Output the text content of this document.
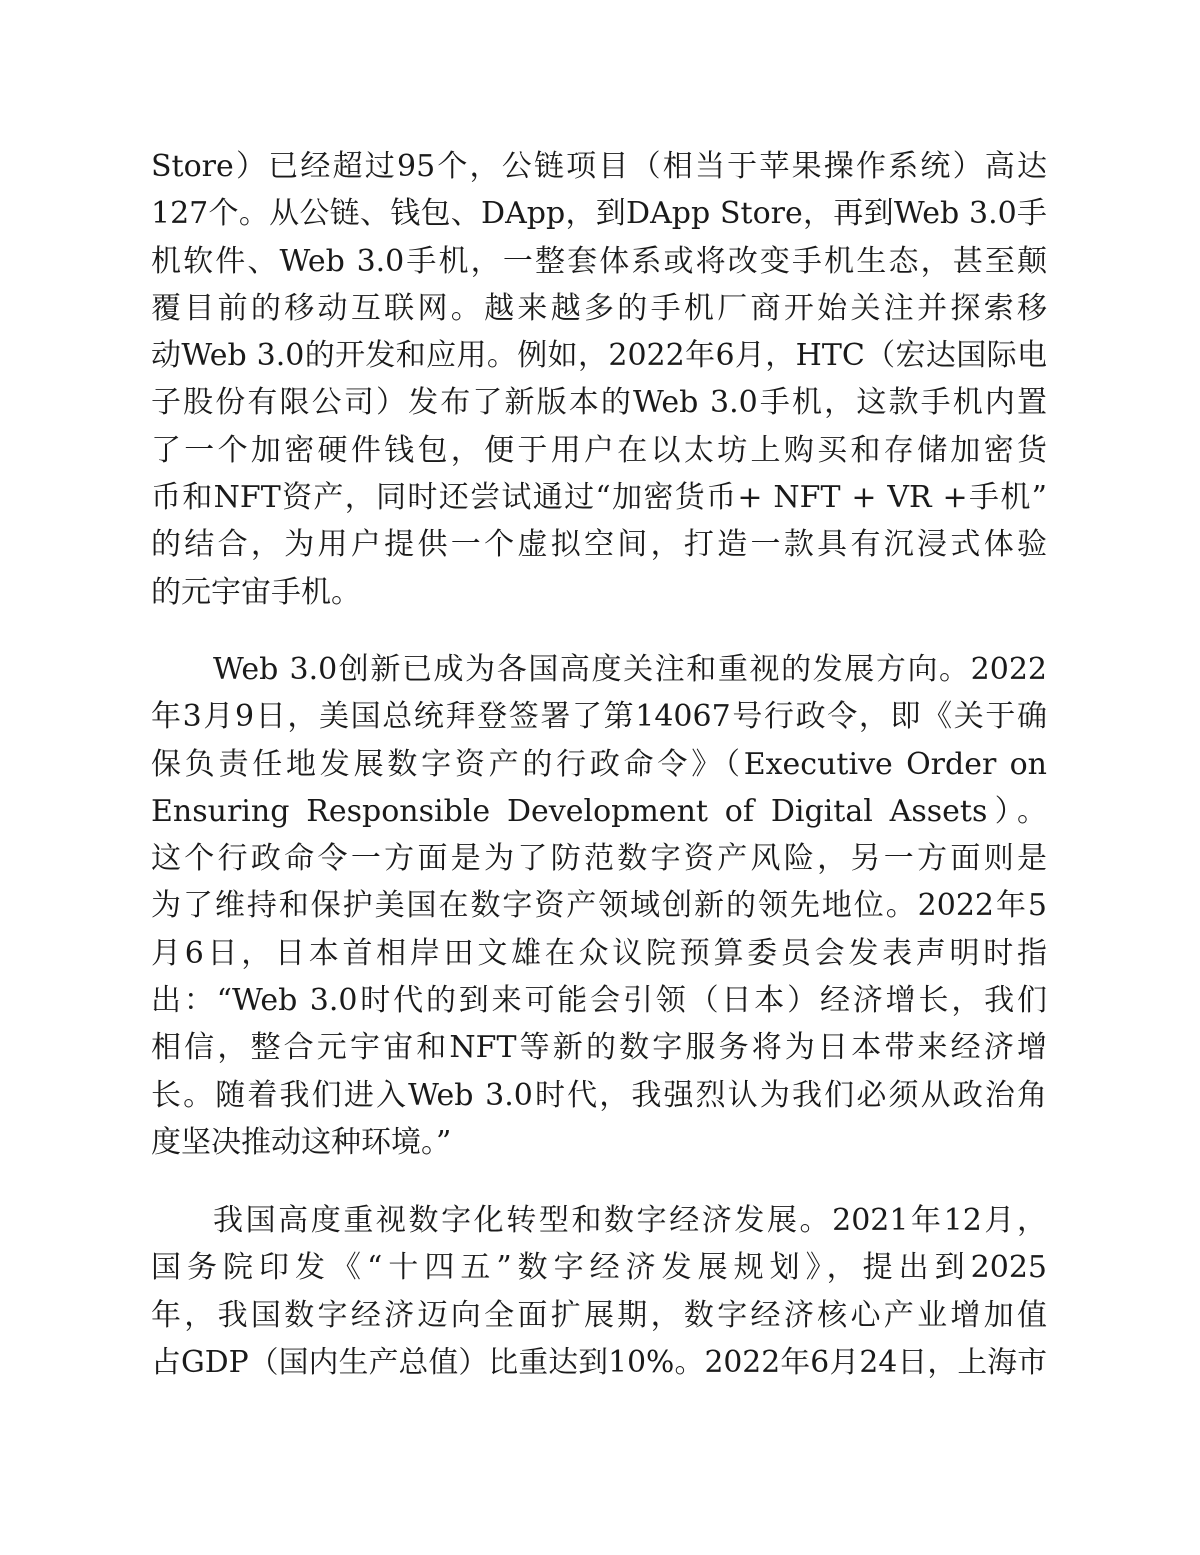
Store）已经超过95个，公链项目（相当于苹果操作系统）高达
127个。从公链、钱包、DApp，到DApp Store，再到Web 3.0手
机软件、Web 3.0手机，一整套体系或将改变手机生态，甚至颠
覆目前的移动互联网。越来越多的手机厂商开始关注并探索移
动Web 3.0的开发和应用。例如，2022年6月，HTC（宏达国际电
子股份有限公司）发布了新版本的Web 3.0手机，这款手机内置
了一个加密硬件钱包，便于用户在以太坊上购买和存储加密货
币和NFT资产，同时还尝试通过“加密货币+ NFT + VR +手机”
的结合，为用户提供一个虚拟空间，打造一款具有沉浸式体验
的元宇宙手机。
Web 3.0创新已成为各国高度关注和重视的发展方向。2022
年3月9日，美国总统拜登签署了第14067号行政令，即《关于确
保负责任地发展数字资产的行政命令》（Executive Order on
Ensuring Responsible Development of Digital Assets）。
这个行政命令一方面是为了防范数字资产风险，另一方面则是
为了维持和保护美国在数字资产领域创新的领先地位。2022年5
月6日，日本首相岸田文雄在众议院预算委员会发表声明时指
出：“Web 3.0时代的到来可能会引领（日本）经济增长，我们
相信，整合元宇宙和NFT等新的数字服务将为日本带来经济增
长。随着我们进入Web 3.0时代，我强烈认为我们必须从政治角
度坚决推动这种环境。”
我国高度重视数字化转型和数字经济发展。2021年12月，
国务院印发《“十四五”数字经济发展规划》，提出到2025
年，我国数字经济迈向全面扩展期，数字经济核心产业增加值
占GDP（国内生产总值）比重达到10%。2022年6月24日，上海市
